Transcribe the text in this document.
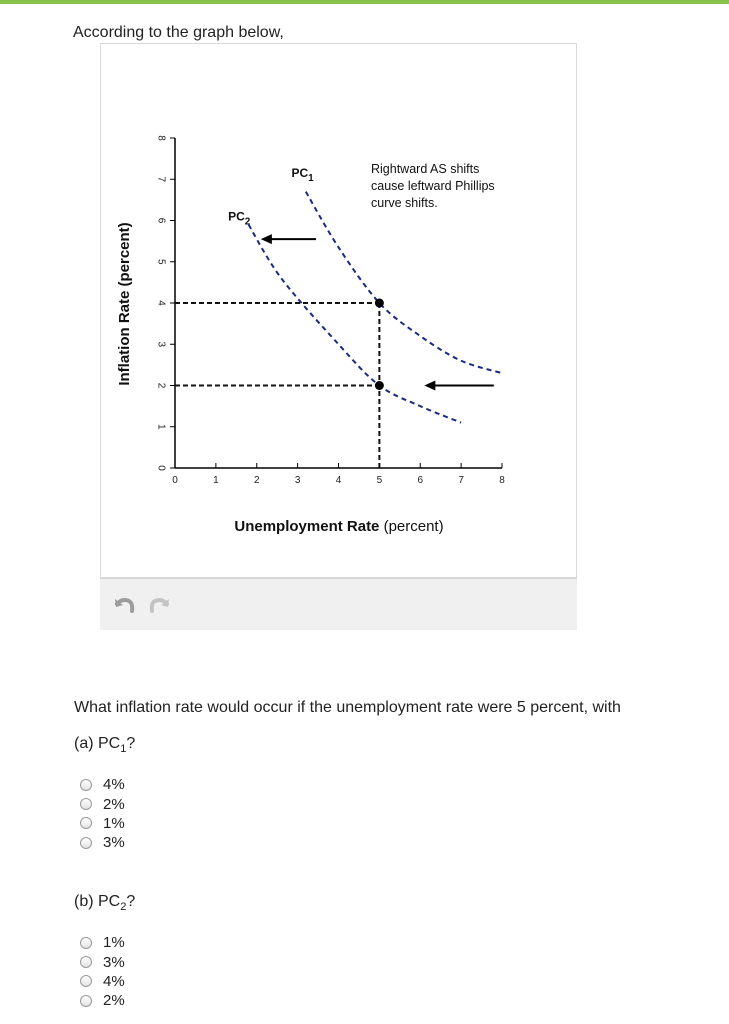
According to the graph below,
0
1
2
3
4
5
6
7
8
0	1	2	3	4	5	6	7	8
Inflation Rate (percent)
Unemployment Rate (percent)
$PC_1$
$PC_2$
Rightward AS shifts
cause leftward Phillips
curve shifts.
What inflation rate would occur if the unemployment rate were 5 percent, with
(a) $PC_1$?
4%
2%
1%
3%
(b) $PC_2$?
1%
3%
4%
2%
